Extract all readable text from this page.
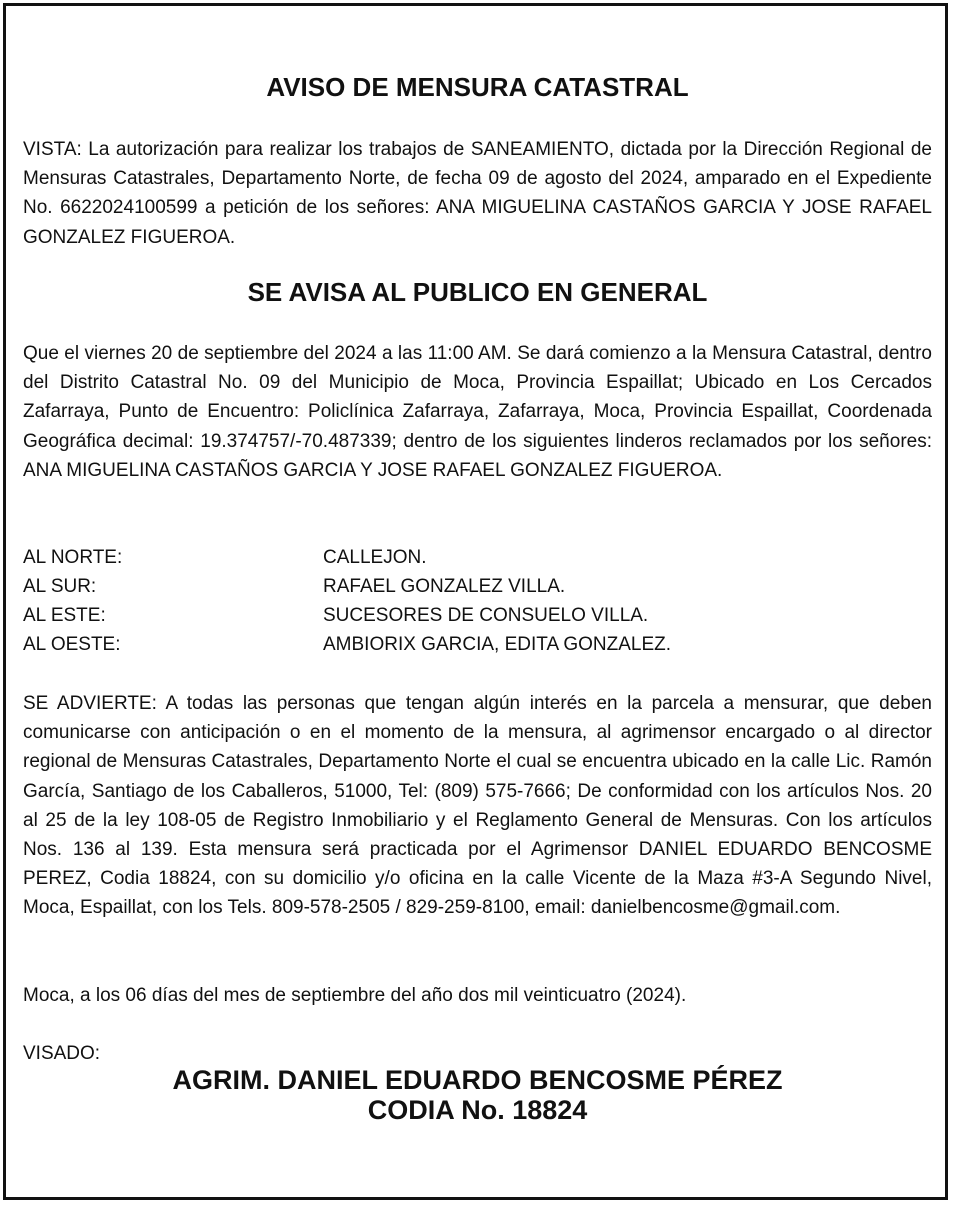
AVISO DE MENSURA CATASTRAL

VISTA: La autorización para realizar los trabajos de SANEAMIENTO, dictada por la Dirección Regional de Mensuras Catastrales, Departamento Norte, de fecha 09 de agosto del 2024, amparado en el Expediente No. 6622024100599 a petición de los señores: ANA MIGUELINA CASTAÑOS GARCIA Y JOSE RAFAEL GONZALEZ FIGUEROA.

SE AVISA AL PUBLICO EN GENERAL

Que el viernes 20 de septiembre del 2024 a las 11:00 AM. Se dará comienzo a la Mensura Catastral, dentro del Distrito Catastral No. 09 del Municipio de Moca, Provincia Espaillat; Ubicado en Los Cercados Zafarraya, Punto de Encuentro: Policlínica Zafarraya, Zafarraya, Moca, Provincia Espaillat, Coordenada Geográfica decimal: 19.374757/-70.487339; dentro de los siguientes linderos reclamados por los señores: ANA MIGUELINA CASTAÑOS GARCIA Y JOSE RAFAEL GONZALEZ FIGUEROA.

AL NORTE:	CALLEJON.
AL SUR:	RAFAEL GONZALEZ VILLA.
AL ESTE:	SUCESORES DE CONSUELO VILLA.
AL OESTE:	AMBIORIX GARCIA, EDITA GONZALEZ.

SE ADVIERTE: A todas las personas que tengan algún interés en la parcela a mensurar, que deben comunicarse con anticipación o en el momento de la mensura, al agrimensor encargado o al director regional de Mensuras Catastrales, Departamento Norte el cual se encuentra ubicado en la calle Lic. Ramón García, Santiago de los Caballeros, 51000, Tel: (809) 575-7666; De conformidad con los artículos Nos. 20 al 25 de la ley 108-05 de Registro Inmobiliario y el Reglamento General de Mensuras. Con los artículos Nos. 136 al 139. Esta mensura será practicada por el Agrimensor DANIEL EDUARDO BENCOSME PEREZ, Codia 18824, con su domicilio y/o oficina en la calle Vicente de la Maza #3-A Segundo Nivel, Moca, Espaillat, con los Tels. 809-578-2505 / 829-259-8100, email: danielbencosme@gmail.com.

Moca, a los 06 días del mes de septiembre del año dos mil veinticuatro (2024).

VISADO:

AGRIM. DANIEL EDUARDO BENCOSME PÉREZ

CODIA No. 18824
